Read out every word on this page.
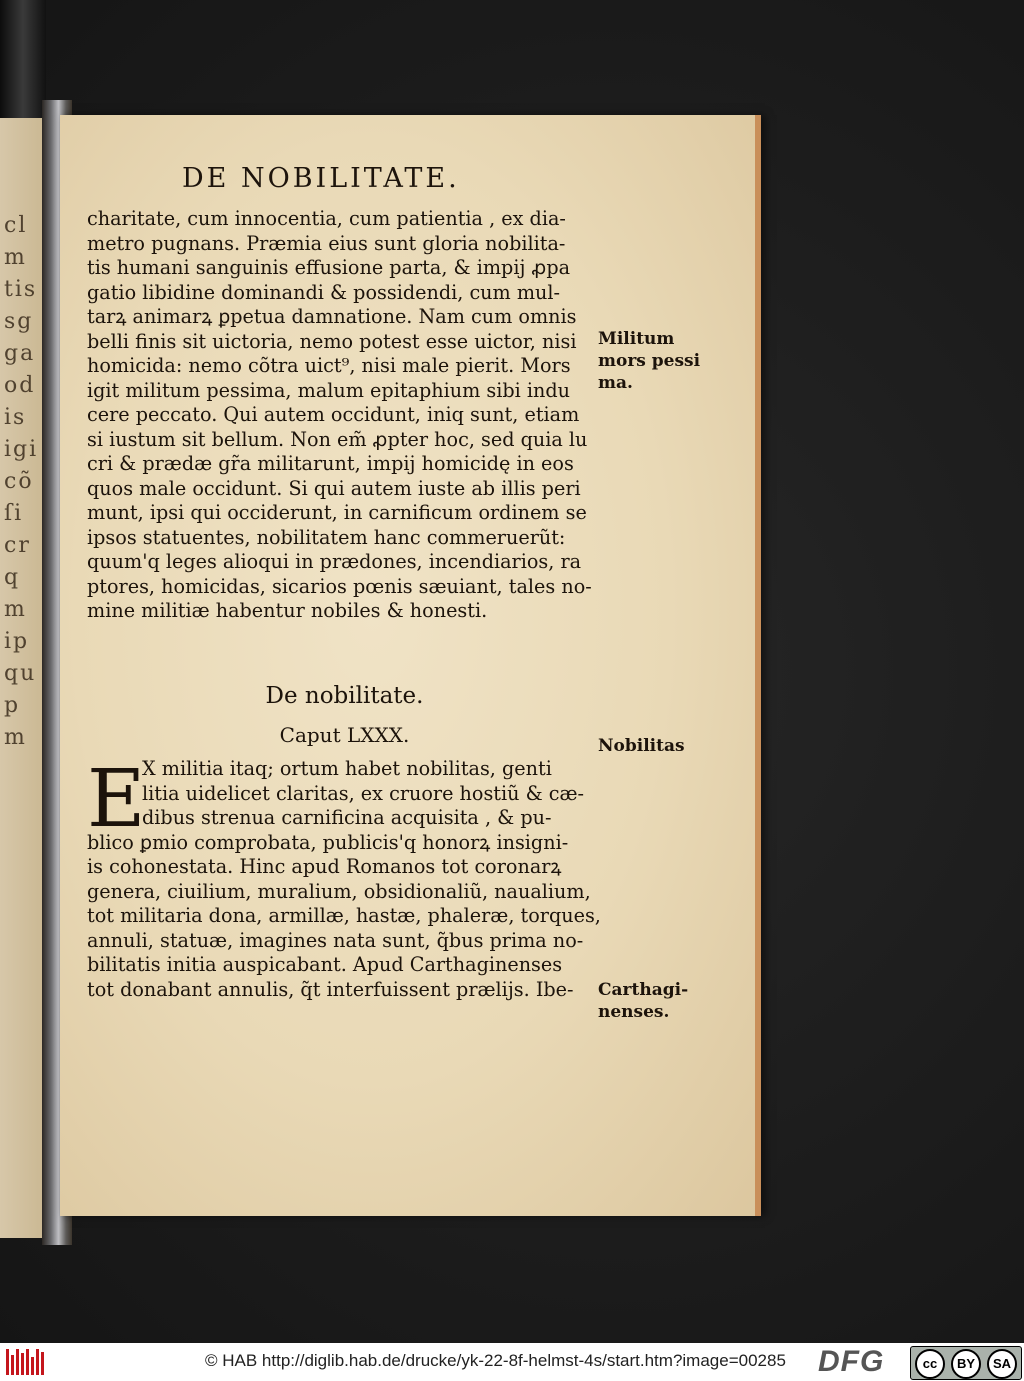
cl
m
tis
sg
ga
od
is
igi
cõ
ſi
cr
q
m
ip
qu
p
m
DE NOBILITATE.
charitate, cum innocentia, cum patientia , ex dia-
metro pugnans. Præmia eius sunt gloria nobilita-
tis humani sanguinis effusione parta, & impij ꝓpa
gatio libidine dominandi & possidendi, cum mul-
tarꝝ animarꝝ ꝑpetua damnatione. Nam cum omnis
belli finis sit uictoria, nemo potest esse uictor, nisi
homicida: nemo cõtra uict⁹, nisi male pierit. Mors
igit militum pessima, malum epitaphium sibi indu
cere peccato. Qui autem occidunt, iniq sunt, etiam
si iustum sit bellum. Non em̃ ꝓpter hoc, sed quia lu
cri & prædæ gr̃a militarunt, impij homicidę in eos
quos male occidunt. Si qui autem iuste ab illis peri
munt, ipsi qui occiderunt, in carnificum ordinem se
ipsos statuentes, nobilitatem hanc commeruerũt:
quum'q leges alioqui in prædones, incendiarios, ra
ptores, homicidas, sicarios pœnis sæuiant, tales no-
mine militiæ habentur nobiles & honesti.
Militum
mors pessi
ma.
De nobilitate.
Caput LXXX.	Nobilitas
E
X militia itaq; ortum habet nobilitas, genti
litia uidelicet claritas, ex cruore hostiũ & cæ-
dibus strenua carnificina acquisita , & pu-
blico ꝑmio comprobata, publicis'q honorꝝ insigni-
is cohonestata. Hinc apud Romanos tot coronarꝝ
genera, ciuilium, muralium, obsidionaliũ, naualium,
tot militaria dona, armillæ, hastæ, phaleræ, torques,
annuli, statuæ, imagines nata sunt, q̃bus prima no-
bilitatis initia auspicabant. Apud Carthaginenses
tot donabant annulis, q̃t interfuissent prælijs. Ibe-	Carthagi-
nenses.
© HAB http://diglib.hab.de/drucke/yk-22-8f-helmst-4s/start.htm?image=00285 DFG	cc	BY	SA
